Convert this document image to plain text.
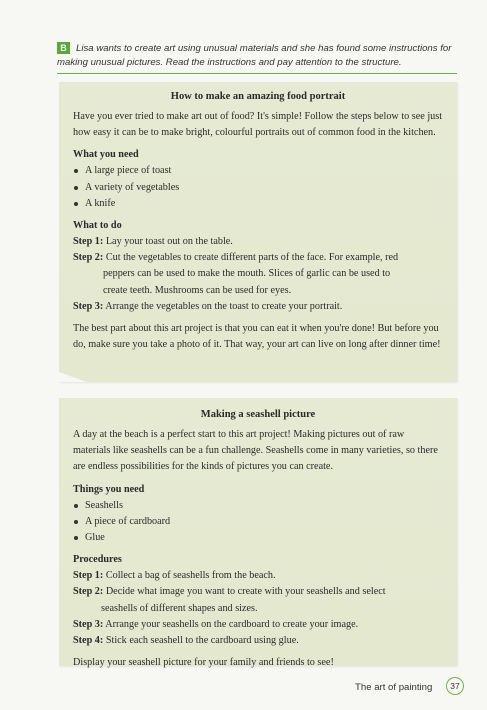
B Lisa wants to create art using unusual materials and she has found some instructions for making unusual pictures. Read the instructions and pay attention to the structure.
How to make an amazing food portrait

Have you ever tried to make art out of food? It's simple! Follow the steps below to see just how easy it can be to make bright, colourful portraits out of common food in the kitchen.

What you need
A large piece of toast
A variety of vegetables
A knife
What to do
Step 1: Lay your toast out on the table.
Step 2: Cut the vegetables to create different parts of the face. For example, red
peppers can be used to make the mouth. Slices of garlic can be used to
create teeth. Mushrooms can be used for eyes.
Step 3: Arrange the vegetables on the toast to create your portrait.

The best part about this art project is that you can eat it when you're done! But before you do, make sure you take a photo of it. That way, your art can live on long after dinner time!

Making a seashell picture

A day at the beach is a perfect start to this art project! Making pictures out of raw materials like seashells can be a fun challenge. Seashells come in many varieties, so there are endless possibilities for the kinds of pictures you can create.

Things you need
Seashells
A piece of cardboard
Glue
Procedures
Step 1: Collect a bag of seashells from the beach.
Step 2: Decide what image you want to create with your seashells and select
seashells of different shapes and sizes.
Step 3: Arrange your seashells on the cardboard to create your image.
Step 4: Stick each seashell to the cardboard using glue.

Display your seashell picture for your family and friends to see!

The art of painting	37
